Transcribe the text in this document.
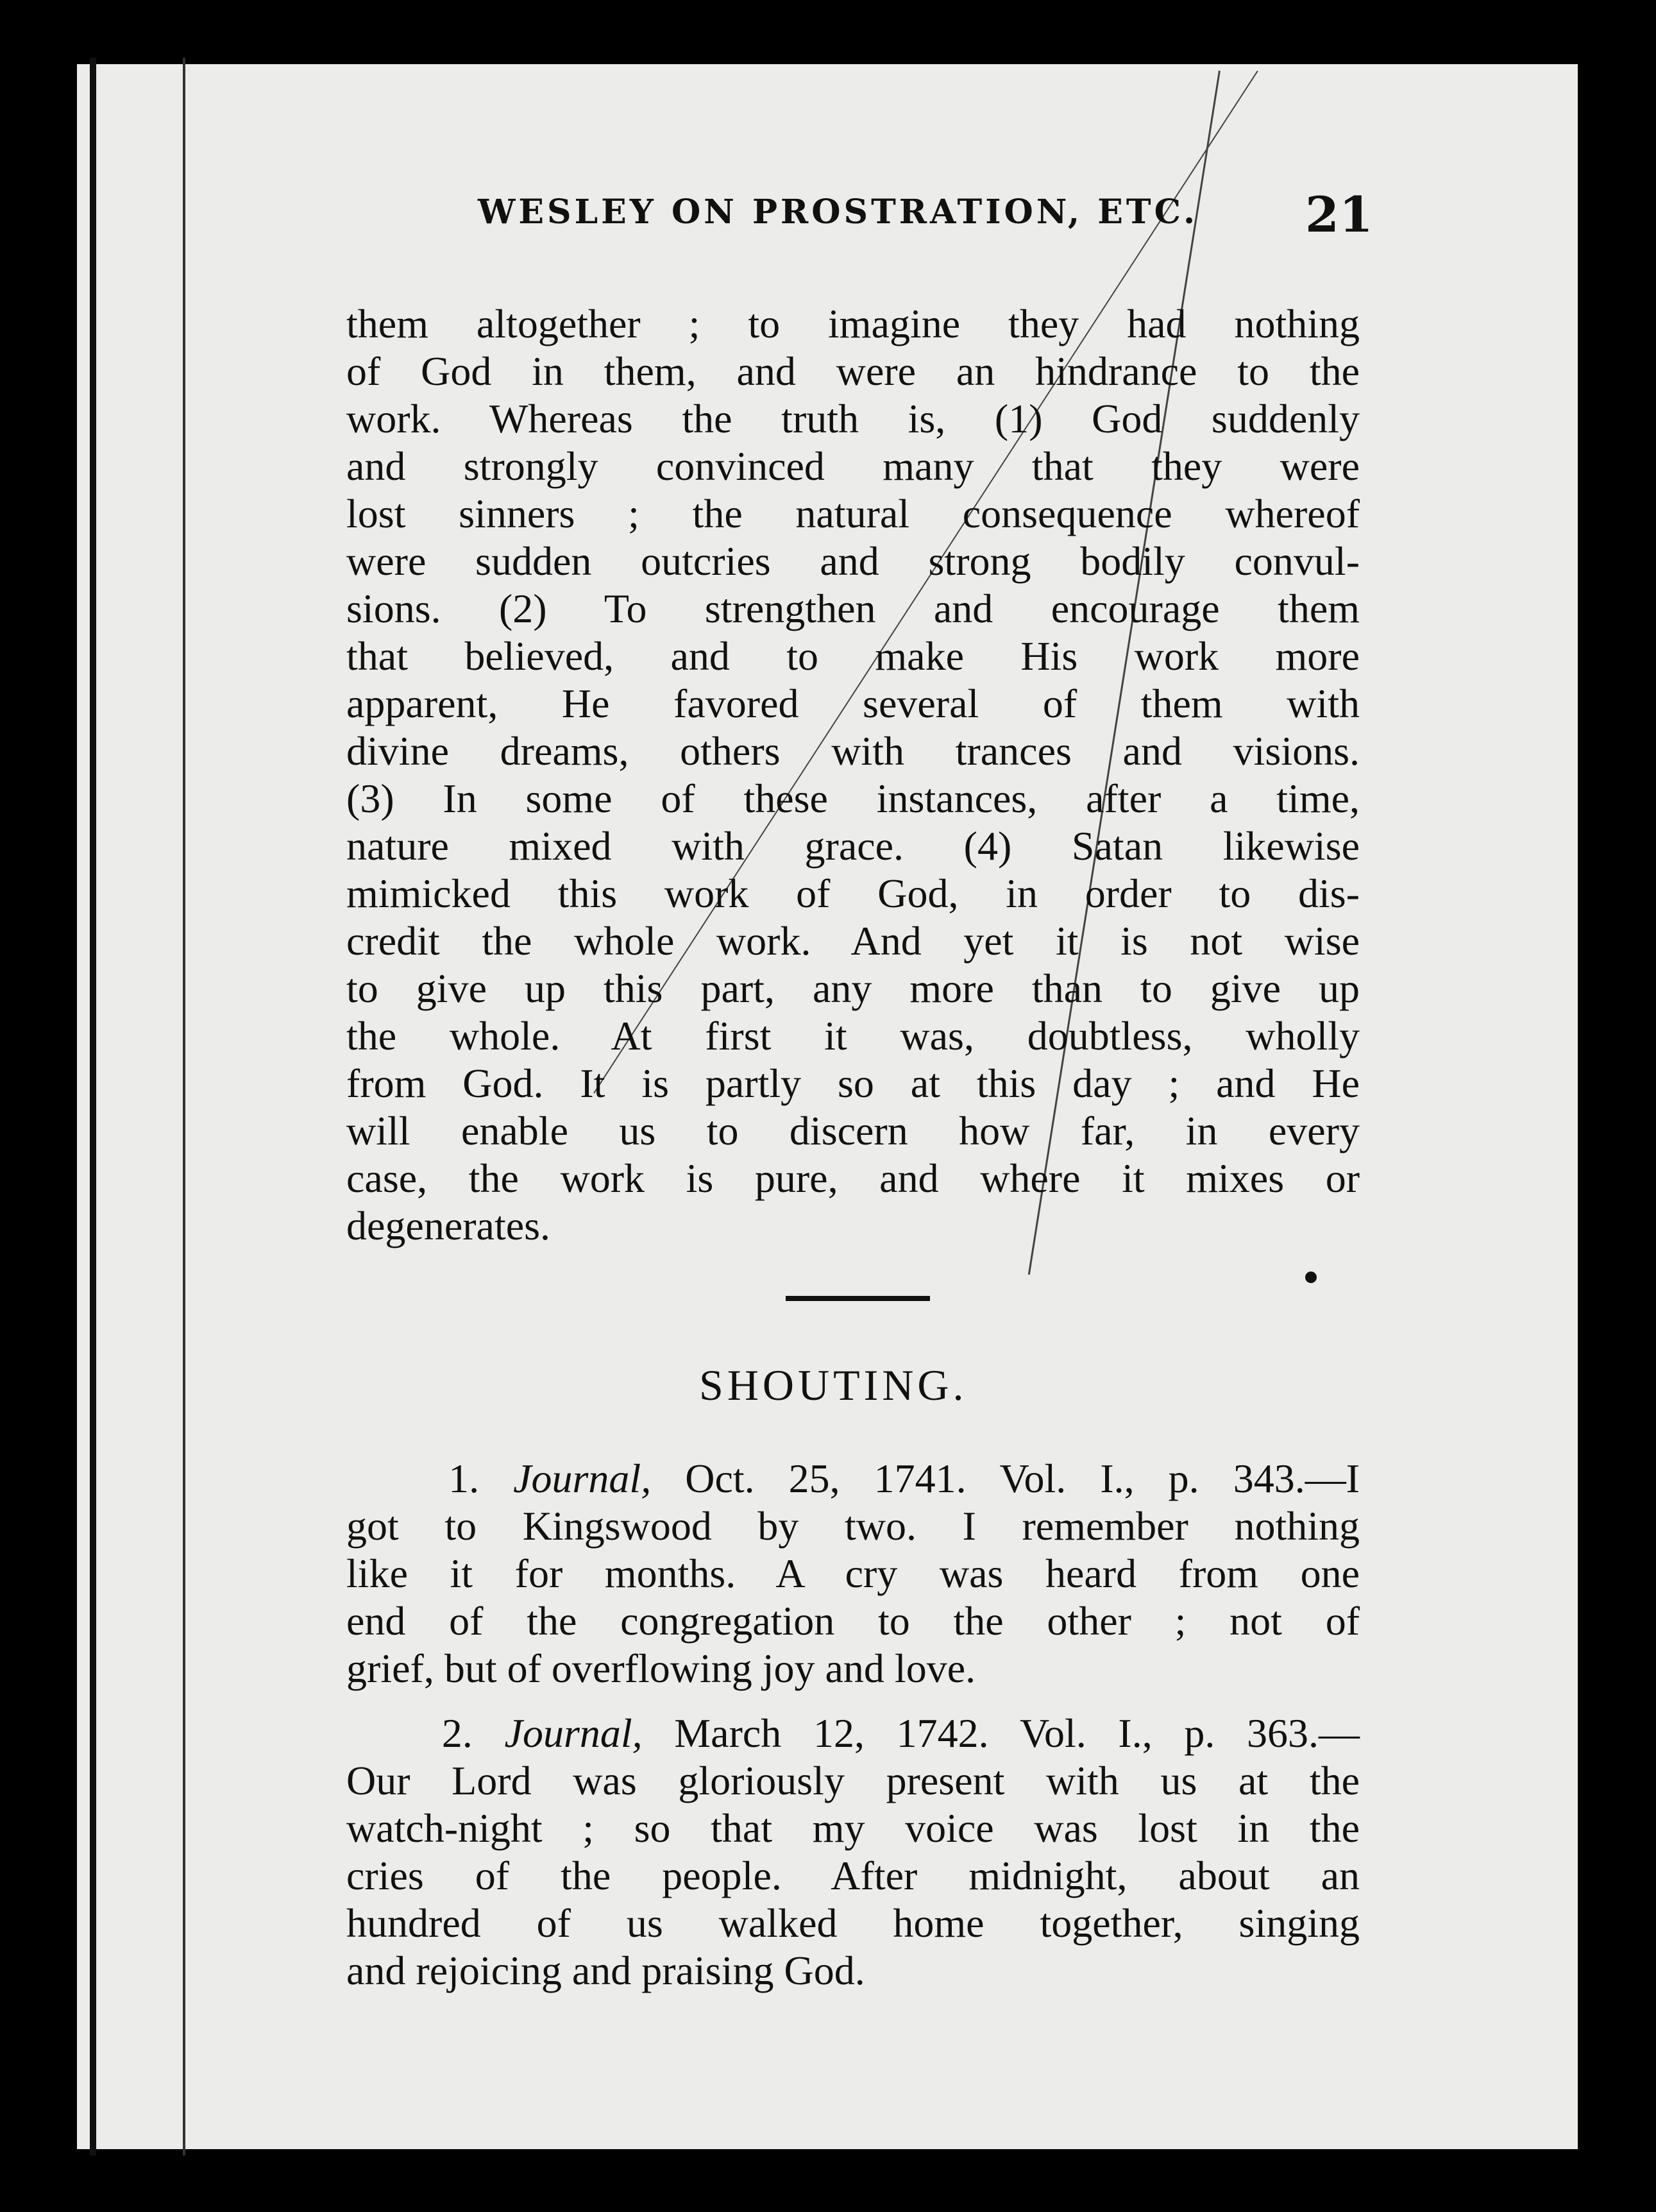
WESLEY ON PROSTRATION, ETC.	21
them altogether ; to imagine they had nothing
of God in them, and were an hindrance to the
work. Whereas the truth is, (1) God suddenly
and strongly convinced many that they were
lost sinners ; the natural consequence whereof
were sudden outcries and strong bodily convul-
sions. (2) To strengthen and encourage them
that believed, and to make His work more
apparent, He favored several of them with
divine dreams, others with trances and visions.
(3) In some of these instances, after a time,
nature mixed with grace. (4) Satan likewise
mimicked this work of God, in order to dis-
credit the whole work. And yet it is not wise
to give up this part, any more than to give up
the whole. At first it was, doubtless, wholly
from God. It is partly so at this day ; and He
will enable us to discern how far, in every
case, the work is pure, and where it mixes or
degenerates.
SHOUTING.
1. Journal, Oct. 25, 1741. Vol. I., p. 343.—I
got to Kingswood by two. I remember nothing
like it for months. A cry was heard from one
end of the congregation to the other ; not of
grief, but of overflowing joy and love.
2. Journal, March 12, 1742. Vol. I., p. 363.—
Our Lord was gloriously present with us at the
watch-night ; so that my voice was lost in the
cries of the people. After midnight, about an
hundred of us walked home together, singing
and rejoicing and praising God.
